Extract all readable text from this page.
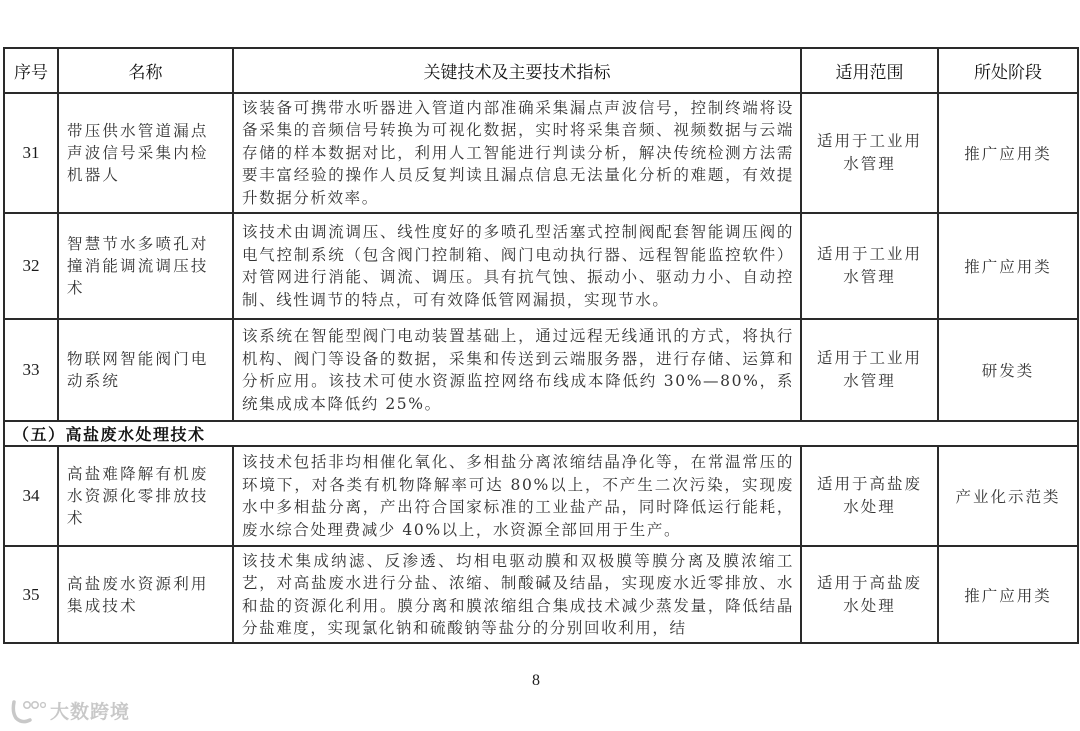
序号	名称	关键技术及主要技术指标	适用范围	所处阶段
31	带压供水管道漏点声波信号采集内检机器人	该装备可携带水听器进入管道内部准确采集漏点声波信号，控制终端将设备采集的音频信号转换为可视化数据，实时将采集音频、视频数据与云端存储的样本数据对比，利用人工智能进行判读分析，解决传统检测方法需要丰富经验的操作人员反复判读且漏点信息无法量化分析的难题，有效提升数据分析效率。	适用于工业用水管理	推广应用类
32	智慧节水多喷孔对撞消能调流调压技术	该技术由调流调压、线性度好的多喷孔型活塞式控制阀配套智能调压阀的电气控制系统（包含阀门控制箱、阀门电动执行器、远程智能监控软件）对管网进行消能、调流、调压。具有抗气蚀、振动小、驱动力小、自动控制、线性调节的特点，可有效降低管网漏损，实现节水。	适用于工业用水管理	推广应用类
33	物联网智能阀门电动系统	该系统在智能型阀门电动装置基础上，通过远程无线通讯的方式，将执行机构、阀门等设备的数据，采集和传送到云端服务器，进行存储、运算和分析应用。该技术可使水资源监控网络布线成本降低约 30%—80%，系统集成成本降低约 25%。	适用于工业用水管理	研发类
（五）高盐废水处理技术				
34	高盐难降解有机废水资源化零排放技术	该技术包括非均相催化氧化、多相盐分离浓缩结晶净化等，在常温常压的环境下，对各类有机物降解率可达 80%以上，不产生二次污染，实现废水中多相盐分离，产出符合国家标准的工业盐产品，同时降低运行能耗，废水综合处理费减少 40%以上，水资源全部回用于生产。	适用于高盐废水处理	产业化示范类
35	高盐废水资源利用集成技术	该技术集成纳滤、反渗透、均相电驱动膜和双极膜等膜分离及膜浓缩工艺，对高盐废水进行分盐、浓缩、制酸碱及结晶，实现废水近零排放、水和盐的资源化利用。膜分离和膜浓缩组合集成技术减少蒸发量，降低结晶分盐难度，实现氯化钠和硫酸钠等盐分的分别回收利用，结	适用于高盐废水处理	推广应用类
8
大数跨境
